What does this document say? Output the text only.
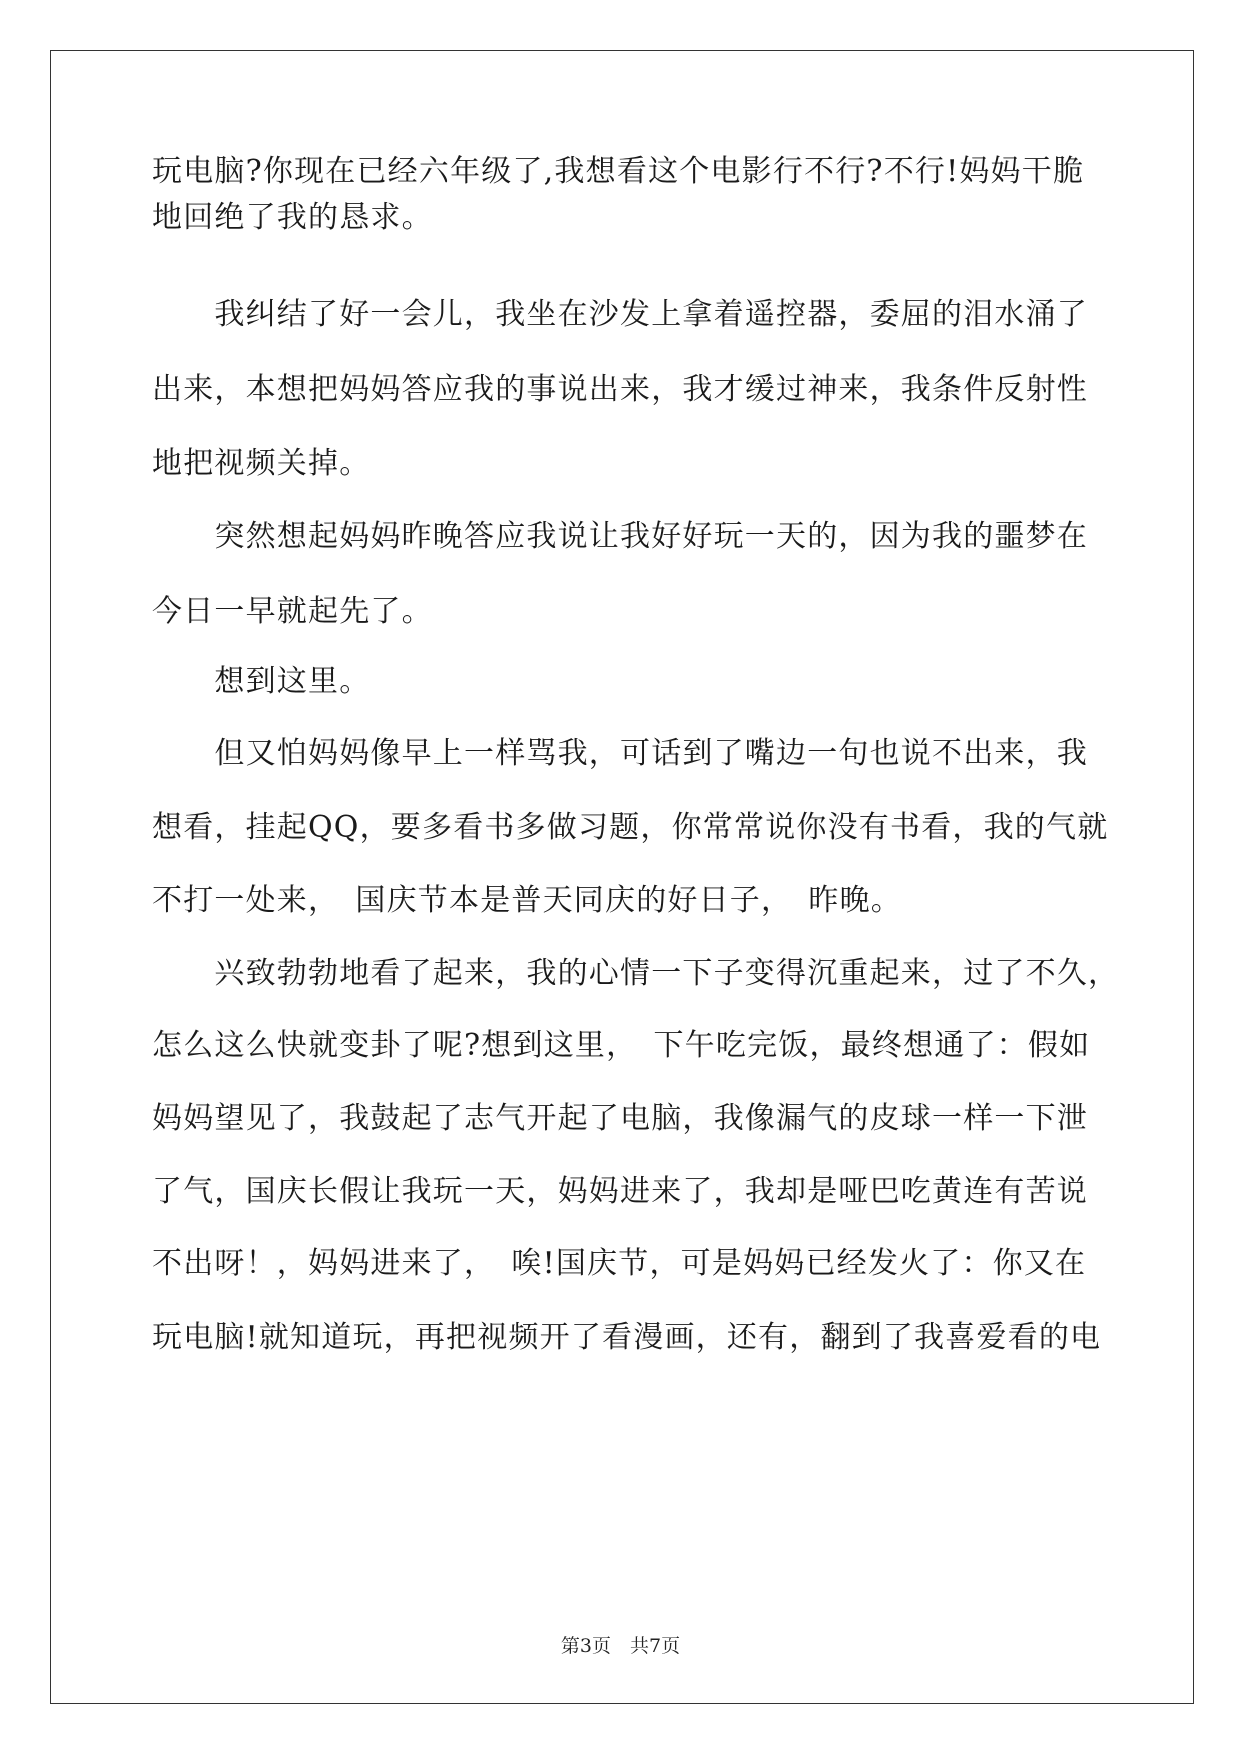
玩电脑?你现在已经六年级了,我想看这个电影行不行?不行!妈妈干脆
地回绝了我的恳求。
　　我纠结了好一会儿，我坐在沙发上拿着遥控器，委屈的泪水涌了
出来，本想把妈妈答应我的事说出来，我才缓过神来，我条件反射性
地把视频关掉。
　　突然想起妈妈昨晚答应我说让我好好玩一天的，因为我的噩梦在
今日一早就起先了。
　　想到这里。
　　但又怕妈妈像早上一样骂我，可话到了嘴边一句也说不出来，我
想看，挂起QQ，要多看书多做习题，你常常说你没有书看，我的气就
不打一处来，　国庆节本是普天同庆的好日子，　昨晚。
　　兴致勃勃地看了起来，我的心情一下子变得沉重起来，过了不久，
怎么这么快就变卦了呢?想到这里，　下午吃完饭，最终想通了：假如
妈妈望见了，我鼓起了志气开起了电脑，我像漏气的皮球一样一下泄
了气，国庆长假让我玩一天，妈妈进来了，我却是哑巴吃黄连有苦说
不出呀！，妈妈进来了，　唉!国庆节，可是妈妈已经发火了：你又在
玩电脑!就知道玩，再把视频开了看漫画，还有，翻到了我喜爱看的电
第3页　共7页
